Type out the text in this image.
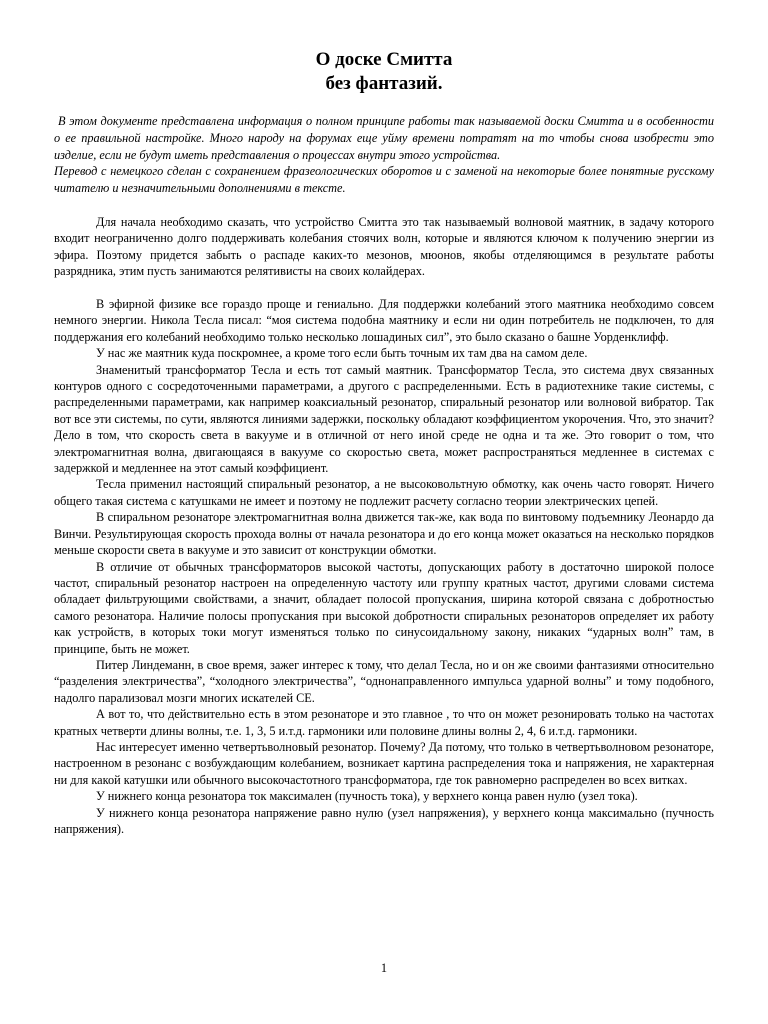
О доске Смитта
без фантазий.

В этом документе представлена информация о полном принципе работы так называемой доски Смитта и в особенности о ее правильной настройке. Много народу на форумах еще уйму времени потратят на то чтобы снова изобрести это изделие, если не будут иметь представления о процессах внутри этого устройства.

Перевод с немецкого сделан с сохранением фразеологических оборотов и с заменой на некоторые более понятные русскому читателю и незначительными дополнениями в тексте.

Для начала необходимо сказать, что устройство Смитта это так называемый волновой маятник, в задачу которого входит неограниченно долго поддерживать колебания стоячих волн, которые и являются ключом к получению энергии из эфира. Поэтому придется забыть о распаде каких-то мезонов, мюонов, якобы отделяющимся в результате работы разрядника, этим пусть занимаются релятивисты на своих колайдерах.

В эфирной физике все гораздо проще и гениально. Для поддержки колебаний этого маятника необходимо совсем немного энергии. Никола Тесла писал: “моя система подобна маятнику и если ни один потребитель не подключен, то для поддержания его колебаний необходимо только несколько лошадиных сил”, это было сказано о башне Уорденклифф.

У нас же маятник куда поскромнее, а кроме того если быть точным их там два на самом деле.

Знаменитый трансформатор Тесла и есть тот самый маятник. Трансформатор Тесла, это система двух связанных контуров одного с сосредоточенными параметрами, а другого с распределенными. Есть в радиотехнике такие системы, с распределенными параметрами, как например коаксиальный резонатор, спиральный резонатор или волновой вибратор. Так вот все эти системы, по сути, являются линиями задержки, поскольку обладают коэффициентом укорочения. Что, это значит? Дело в том, что скорость света в вакууме и в отличной от него иной среде не одна и та же. Это говорит о том, что электромагнитная волна, двигающаяся в вакууме со скоростью света, может распространяться медленнее в системах с задержкой и медленнее на этот самый коэффициент.

Тесла применил настоящий спиральный резонатор, а не высоковольтную обмотку, как очень часто говорят. Ничего общего такая система с катушками не имеет и поэтому не подлежит расчету согласно теории электрических цепей.

В спиральном резонаторе электромагнитная волна движется так-же, как вода по винтовому подъемнику Леонардо да Винчи. Результирующая скорость прохода волны от начала резонатора и до его конца может оказаться на несколько порядков меньше скорости света в вакууме и это зависит от конструкции обмотки.

В отличие от обычных трансформаторов высокой частоты, допускающих работу в достаточно широкой полосе частот, спиральный резонатор настроен на определенную частоту или группу кратных частот, другими словами система обладает фильтрующими свойствами, а значит, обладает полосой пропускания, ширина которой связана с добротностью самого резонатора. Наличие полосы пропускания при высокой добротности спиральных резонаторов определяет их работу как устройств, в которых токи могут изменяться только по синусоидальному закону, никаких “ударных волн” там, в принципе, быть не может.

Питер Линдеманн, в свое время, зажег интерес к тому, что делал Тесла, но и он же своими фантазиями относительно “разделения электричества”, “холодного электричества”, “однонаправленного импульса ударной волны” и тому подобного, надолго парализовал мозги многих искателей СЕ.

А вот то, что действительно есть в этом резонаторе и это главное , то что он может резонировать только на частотах кратных четверти длины волны, т.е. 1, 3, 5 и.т.д. гармоники или половине длины волны 2, 4, 6 и.т.д. гармоники.

Нас интересует именно четвертьволновый резонатор. Почему? Да потому, что только в четвертьволновом резонаторе, настроенном в резонанс с возбуждающим колебанием, возникает картина распределения тока и напряжения, не характерная ни для какой катушки или обычного высокочастотного трансформатора, где ток равномерно распределен во всех витках.

У нижнего конца резонатора ток максимален (пучность тока), у верхнего конца равен нулю (узел тока).

У нижнего конца резонатора напряжение равно нулю (узел напряжения), у верхнего конца максимально (пучность напряжения).

1
